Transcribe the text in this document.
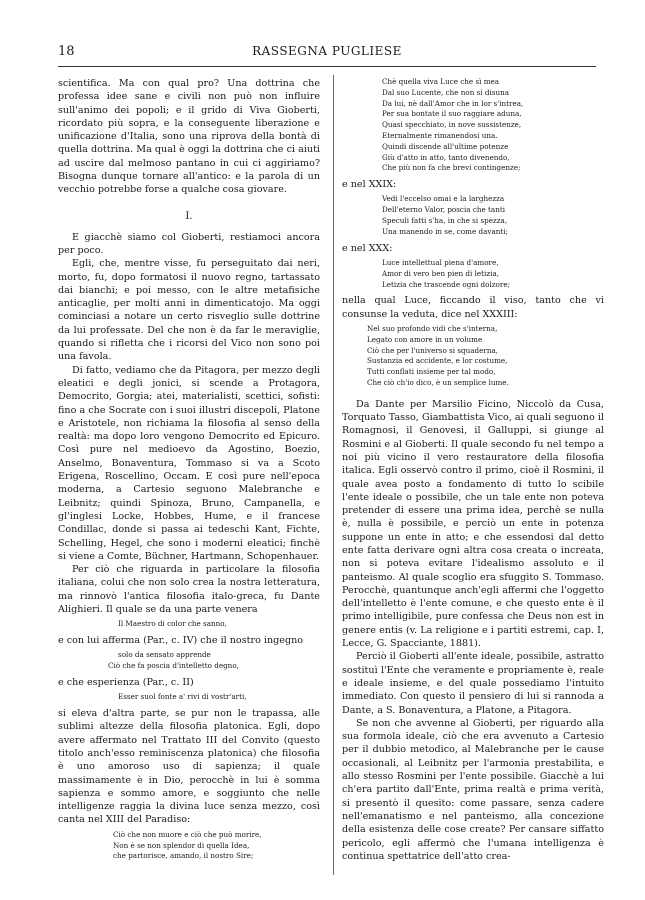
18	RASSEGNA PUGLIESE

scientifica. Ma con qual pro? Una dottrina che professa idee sane e civili non può non influire sull'animo dei popoli; e il grido di Viva Gioberti, ricordato più sopra, e la conseguente liberazione e unificazione d'Italia, sono una riprova della bontà di quella dottrina. Ma qual è oggi la dottrina che ci aiuti ad uscire dal melmoso pantano in cui ci aggiriamo? Bisogna dunque tornare all'antico: e la parola di un vecchio potrebbe forse a qualche cosa giovare.

I.

E giacchè siamo col Gioberti, restiamoci ancora per poco.

Egli, che, mentre visse, fu perseguitato dai neri, morto, fu, dopo formatosi il nuovo regno, tartassato dai bianchi; e poi messo, con le altre metafisiche anticaglie, per molti anni in dimenticatojo. Ma oggi cominciasi a notare un certo risveglio sulle dottrine da lui professate. Del che non è da far le meraviglie, quando si rifletta che i ricorsi del Vico non sono poi una favola.

Di fatto, vediamo che da Pitagora, per mezzo degli eleatici e degli jonici, si scende a Protagora, Democrito, Gorgia; atei, materialisti, scettici, sofisti: fino a che Socrate con i suoi illustri discepoli, Platone e Aristotele, non richiama la filosofia al senso della realtà: ma dopo loro vengono Democrito ed Epicuro. Così pure nel medioevo da Agostino, Boezio, Anselmo, Bonaventura, Tommaso si va a Scoto Erigena, Roscellino, Occam. E così pure nell'epoca moderna, a Cartesio seguono Malebranche e Leibnitz; quindi Spinoza, Bruno, Campanella, e gl'inglesi Locke, Hobbes, Hume, e il francese Condillac, donde si passa ai tedeschi Kant, Fichte, Schelling, Hegel, che sono i moderni eleatici; finchè si viene a Comte, Büchner, Hartmann, Schopenhauer.

Per ciò che riguarda in particolare la filosofia italiana, colui che non solo crea la nostra letteratura, ma rinnovò l'antica filosofia italo-greca, fu Dante Alighieri. Il quale se da una parte venera

Il Maestro di color che sanno,

e con lui afferma (Par., c. IV) che il nostro ingegno

solo da sensato apprende
Ciò che fa poscia d'intelletto degno,

e che esperienza (Par., c. II)

Esser suol fonte a' rivi di vostr'arti,

si eleva d'altra parte, se pur non le trapassa, alle sublimi altezze della filosofia platonica. Egli, dopo avere affermato nel Trattato III del Convito (questo titolo anch'esso reminiscenza platonica) che filosofia è uno amoroso uso di sapienza; il quale massimamente è in Dio, perocchè in lui è somma sapienza e sommo amore, e soggiunto che nelle intelligenze raggia la divina luce senza mezzo, così canta nel XIII del Paradiso:

Ciò che non muore e ciò che può morire,
Non è se non splendor di quella Idea,
che partorisce, amando, il nostro Sire;
Chè quella viva Luce che sì mea
Dal suo Lucente, che non si disuna
Da lui, nè dall'Amor che in lor s'intrea,
Per sua bontate il suo raggiare aduna,
Quasi specchiato, in nove sussistenze,
Eternalmente rimanendosi una.
Quindi discende all'ultime potenze
Giù d'atto in atto, tanto divenendo,
Che più non fa che brevi contingenze;

e nel XXIX:

Vedi l'eccelso omai e la larghezza
Dell'eterno Valor, poscia che tanti
Speculi fatti s'ha, in che si spezza,
Una manendo in se, come davanti;

e nel XXX:

Luce intellettual piena d'amore,
Amor di vero ben pien di letizia,
Letizia che trascende ogni dolzore;

nella qual Luce, ficcando il viso, tanto che vi consunse la veduta, dice nel XXXIII:

Nel suo profondo vidi che s'interna,
Legato con amore in un volume
Ciò che per l'universo si squaderna,
Sustanzia ed accidente, e lor costume,
Tutti conflati insieme per tal modo,
Che ciò ch'io dico, è un semplice lume.

Da Dante per Marsilio Ficino, Niccolò da Cusa, Torquato Tasso, Giambattista Vico, ai quali seguono il Romagnosi, il Genovesi, il Galluppi, si giunge al Rosmini e al Gioberti. Il quale secondo fu nel tempo a noi più vicino il vero restauratore della filosofia italica. Egli osservò contro il primo, cioè il Rosmini, il quale avea posto a fondamento di tutto lo scibile l'ente ideale o possibile, che un tale ente non poteva pretender di essere una prima idea, perchè se nulla è, nulla è possibile, e perciò un ente in potenza suppone un ente in atto; e che essendosi dal detto ente fatta derivare ogni altra cosa creata o increata, non si poteva evitare l'idealismo assoluto e il panteismo. Al quale scoglio era sfuggito S. Tommaso. Perocchè, quantunque anch'egli affermi che l'oggetto dell'intelletto è l'ente comune, e che questo ente è il primo intelligibile, pure confessa che Deus non est in genere entis (v. La religione e i partiti estremi, cap. I, Lecce, G. Spacciante, 1881).

Perciò il Gioberti all'ente ideale, possibile, astratto sostituì l'Ente che veramente e propriamente è, reale e ideale insieme, e del quale possediamo l'intuito immediato. Con questo il pensiero di lui si rannoda a Dante, a S. Bonaventura, a Platone, a Pitagora.

Se non che avvenne al Gioberti, per riguardo alla sua formola ideale, ciò che era avvenuto a Cartesio per il dubbio metodico, al Malebranche per le cause occasionali, al Leibnitz per l'armonia prestabilita, e allo stesso Rosmini per l'ente possibile. Giacchè a lui ch'era partito dall'Ente, prima realtà e prima verità, si presentò il quesito: come passare, senza cadere nell'emanatismo e nel panteismo, alla concezione della esistenza delle cose create? Per cansare siffatto pericolo, egli affermò che l'umana intelligenza è continua spettatrice dell'atto crea-
